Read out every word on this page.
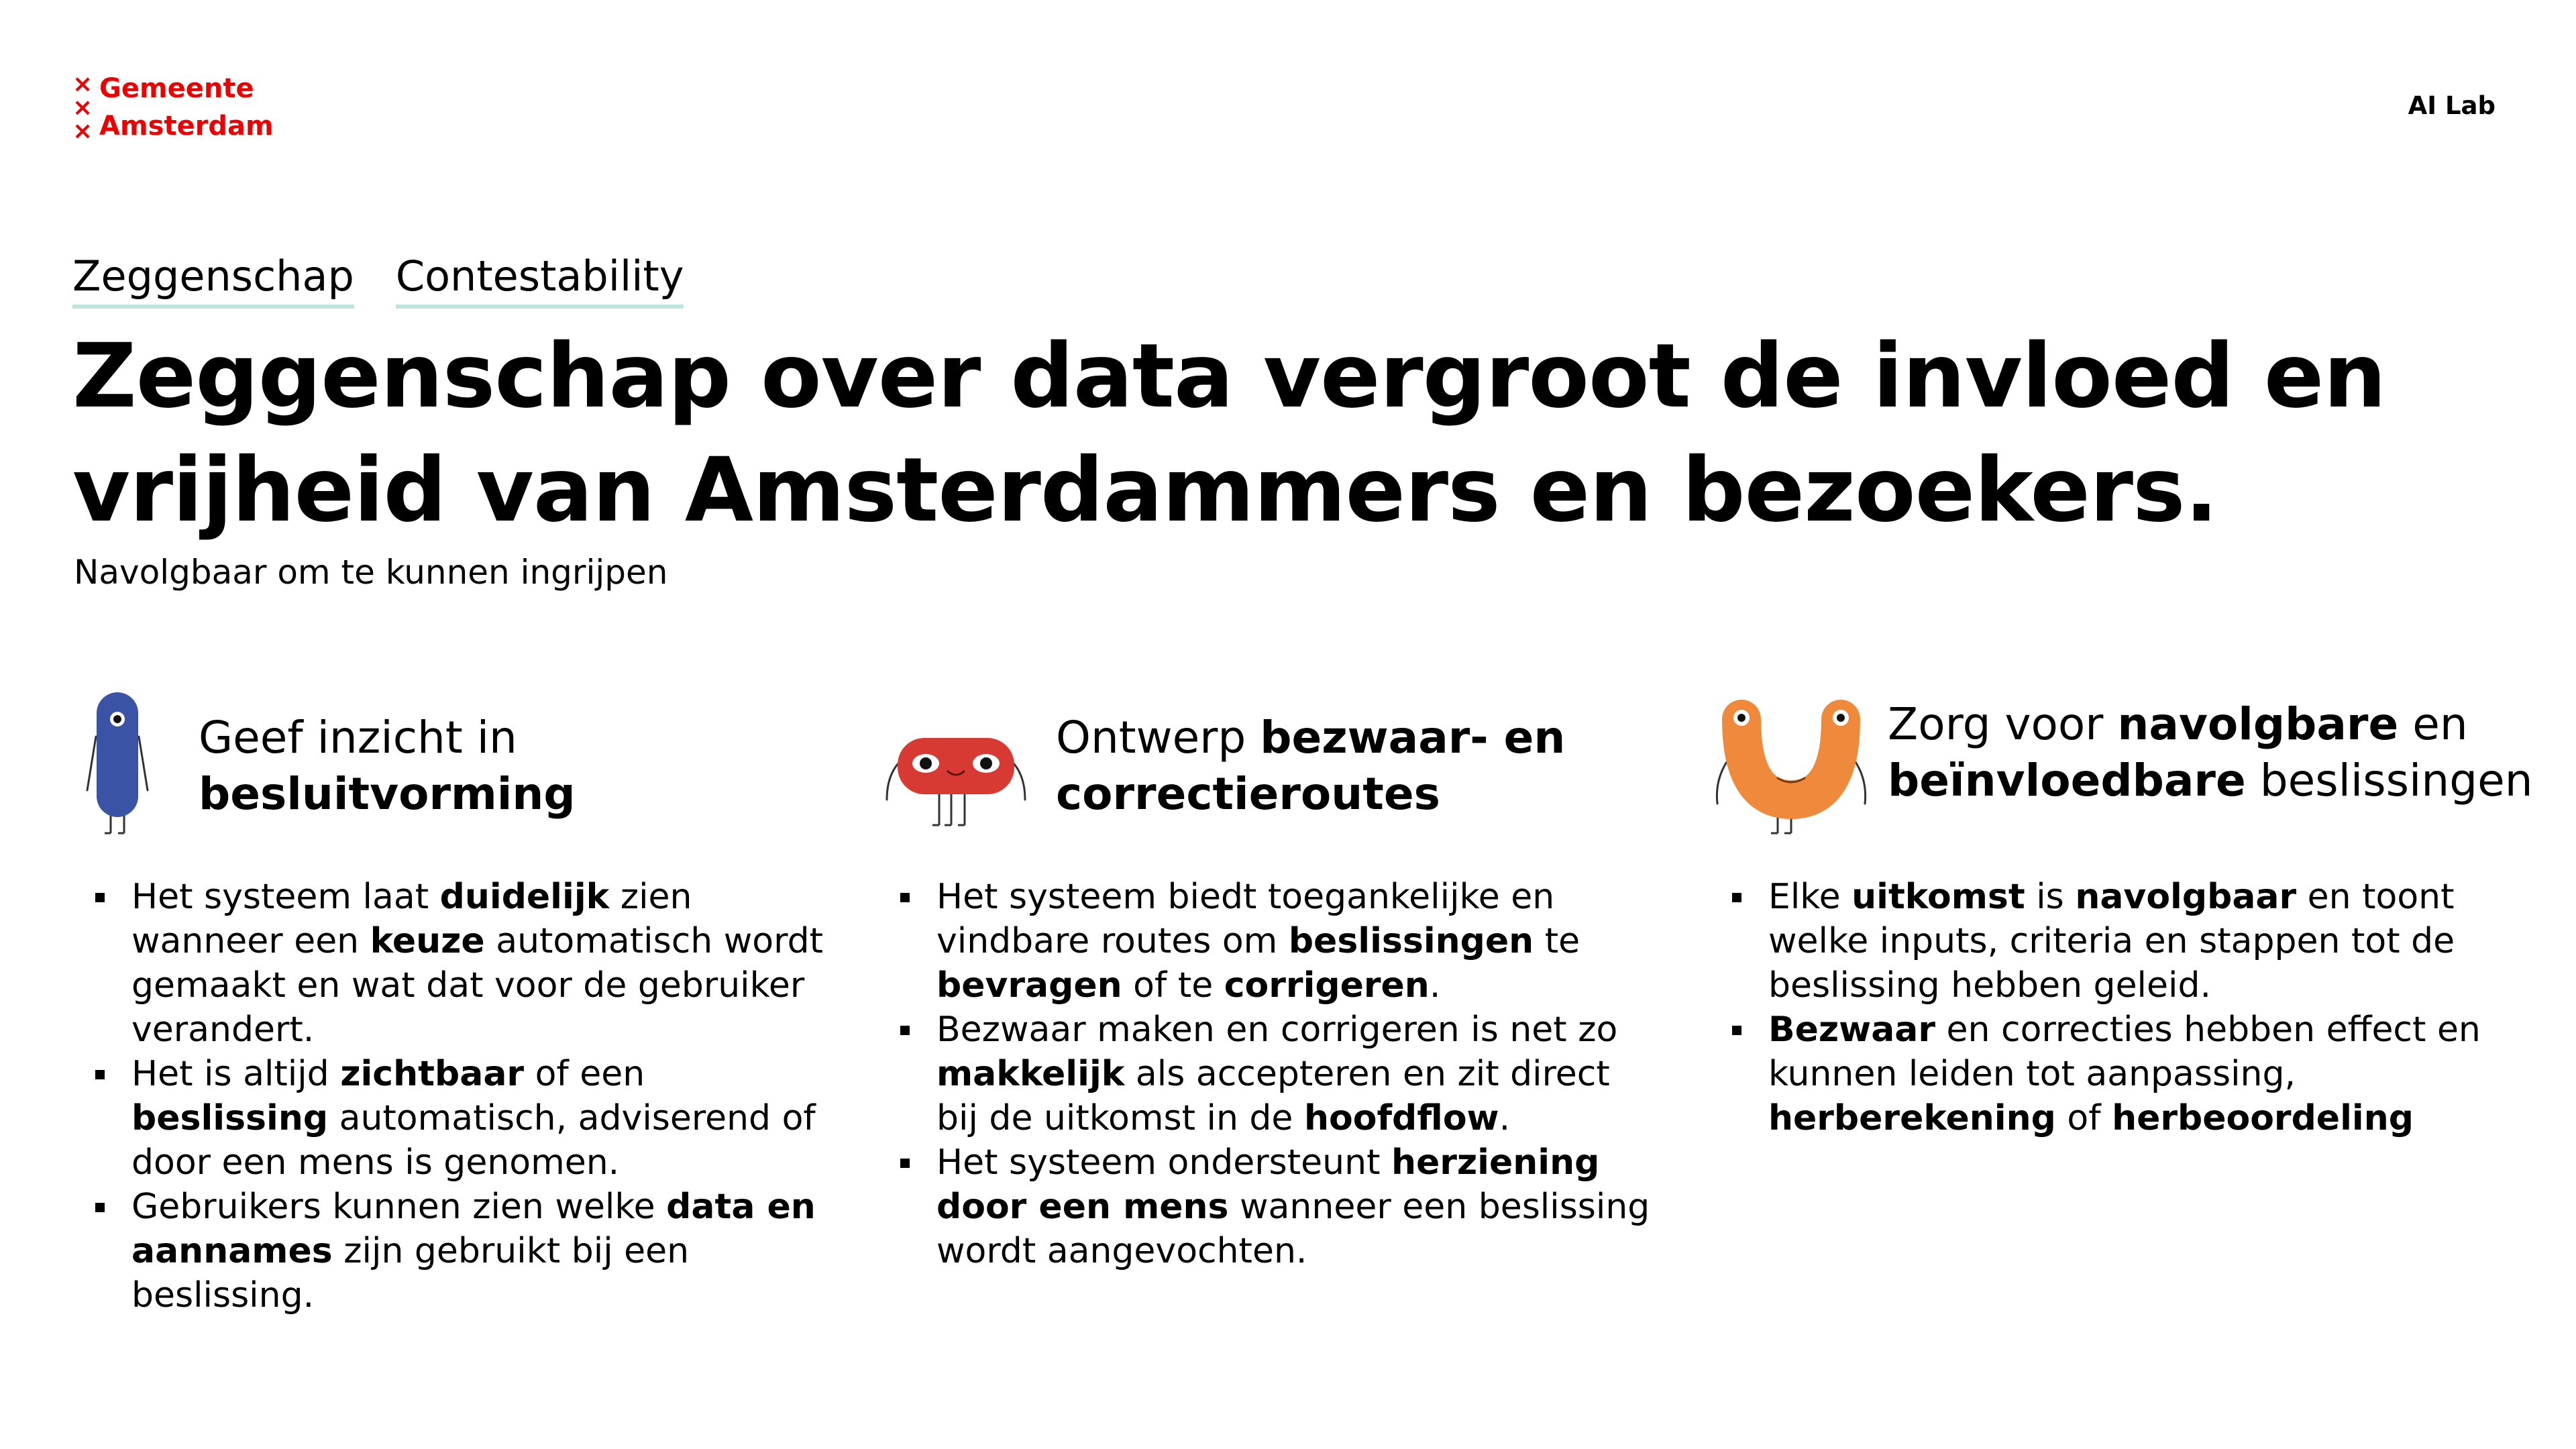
×
×
×
Gemeente
Amsterdam
AI Lab
Zeggenschap Contestability
Zeggenschap over data vergroot de invloed en vrijheid van Amsterdammers en bezoekers.
Navolgbaar om te kunnen ingrijpen
Geef inzicht in besluitvorming
Het systeem laat duidelijk zien wanneer een keuze automatisch wordt gemaakt en wat dat voor de gebruiker verandert.
Het is altijd zichtbaar of een beslissing automatisch, adviserend of door een mens is genomen.
Gebruikers kunnen zien welke data en aannames zijn gebruikt bij een beslissing.
Ontwerp bezwaar- en correctieroutes
Het systeem biedt toegankelijke en vindbare routes om beslissingen te bevragen of te corrigeren.
Bezwaar maken en corrigeren is net zo makkelijk als accepteren en zit direct bij de uitkomst in de hoofdflow.
Het systeem ondersteunt herziening door een mens wanneer een beslissing wordt aangevochten.
Zorg voor navolgbare en beïnvloedbare beslissingen
Elke uitkomst is navolgbaar en toont welke inputs, criteria en stappen tot de beslissing hebben geleid.
Bezwaar en correcties hebben effect en kunnen leiden tot aanpassing, herberekening of herbeoordeling
